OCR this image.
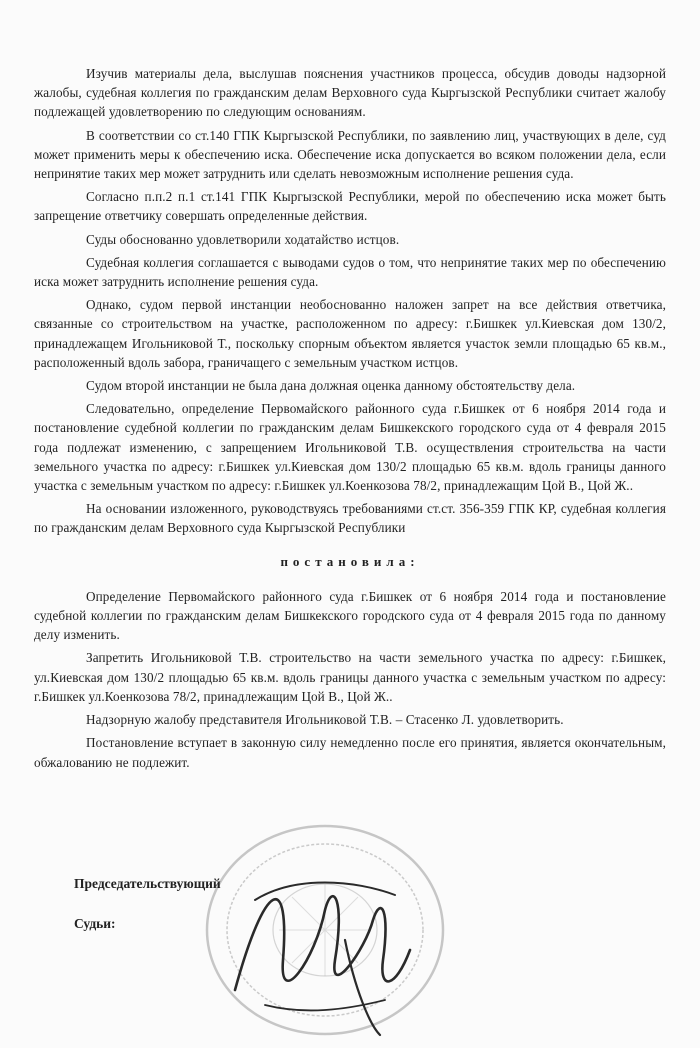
Изучив материалы дела, выслушав пояснения участников процесса, обсудив доводы надзорной жалобы, судебная коллегия по гражданским делам Верховного суда Кыргызской Республики считает жалобу подлежащей удовлетворению по следующим основаниям.

В соответствии со ст.140 ГПК Кыргызской Республики, по заявлению лиц, участвующих в деле, суд может применить меры к обеспечению иска. Обеспечение иска допускается во всяком положении дела, если непринятие таких мер может затруднить или сделать невозможным исполнение решения суда.

Согласно п.п.2 п.1 ст.141 ГПК Кыргызской Республики, мерой по обеспечению иска может быть запрещение ответчику совершать определенные действия.

Суды обоснованно удовлетворили ходатайство истцов.

Судебная коллегия соглашается с выводами судов о том, что непринятие таких мер по обеспечению иска может затруднить исполнение решения суда.

Однако, судом первой инстанции необоснованно наложен запрет на все действия ответчика, связанные со строительством на участке, расположенном по адресу: г.Бишкек ул.Киевская дом 130/2, принадлежащем Игольниковой Т., поскольку спорным объектом является участок земли площадью 65 кв.м., расположенный вдоль забора, граничащего с земельным участком истцов.

Судом второй инстанции не была дана должная оценка данному обстоятельству дела.

Следовательно, определение Первомайского районного суда г.Бишкек от 6 ноября 2014 года и постановление судебной коллегии по гражданским делам Бишкекского городского суда от 4 февраля 2015 года подлежат изменению, с запрещением Игольниковой Т.В. осуществления строительства на части земельного участка по адресу: г.Бишкек ул.Киевская дом 130/2 площадью 65 кв.м. вдоль границы данного участка с земельным участком по адресу: г.Бишкек ул.Коенкозова 78/2, принадлежащим Цой В., Цой Ж..

На основании изложенного, руководствуясь требованиями ст.ст. 356-359 ГПК КР, судебная коллегия по гражданским делам Верховного суда Кыргызской Республики

постановила:

Определение Первомайского районного суда г.Бишкек от 6 ноября 2014 года и постановление судебной коллегии по гражданским делам Бишкекского городского суда от 4 февраля 2015 года по данному делу изменить.

Запретить Игольниковой Т.В. строительство на части земельного участка по адресу: г.Бишкек, ул.Киевская дом 130/2 площадью 65 кв.м. вдоль границы данного участка с земельным участком по адресу: г.Бишкек ул.Коенкозова 78/2, принадлежащим Цой В., Цой Ж..

Надзорную жалобу представителя Игольниковой Т.В. – Стасенко Л. удовлетворить.

Постановление вступает в законную силу немедленно после его принятия, является окончательным, обжалованию не подлежит.

Председательствующий
Судьи:
